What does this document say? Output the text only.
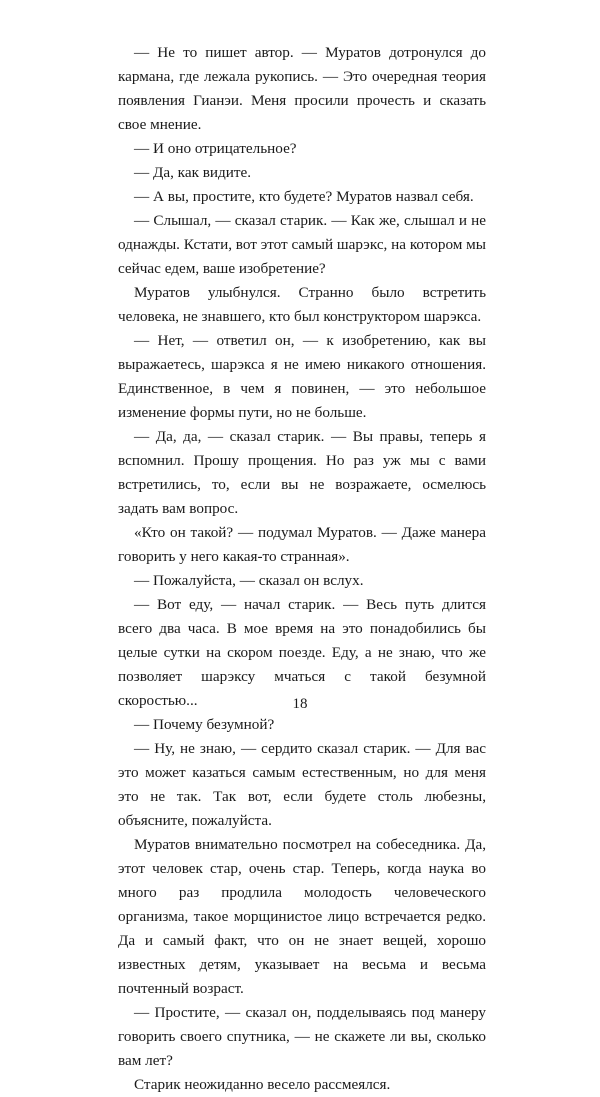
— Не то пишет автор. — Муратов дотронулся до кармана, где лежала рукопись. — Это очередная теория появления Гианэи. Меня просили прочесть и сказать свое мнение.

— И оно отрицательное?

— Да, как видите.

— А вы, простите, кто будете? Муратов назвал себя.

— Слышал, — сказал старик. — Как же, слышал и не однажды. Кстати, вот этот самый шарэкс, на котором мы сейчас едем, ваше изобретение?

Муратов улыбнулся. Странно было встретить человека, не знавшего, кто был конструктором шарэкса.

— Нет, — ответил он, — к изобретению, как вы выражаетесь, шарэкса я не имею никакого отношения. Единственное, в чем я повинен, — это небольшое изменение формы пути, но не больше.

— Да, да, — сказал старик. — Вы правы, теперь я вспомнил. Прошу прощения. Но раз уж мы с вами встретились, то, если вы не возражаете, осмелюсь задать вам вопрос.

«Кто он такой? — подумал Муратов. — Даже манера говорить у него какая-то странная».

— Пожалуйста, — сказал он вслух.

— Вот еду, — начал старик. — Весь путь длится всего два часа. В мое время на это понадобились бы целые сутки на скором поезде. Еду, а не знаю, что же позволяет шарэксу мчаться с такой безумной скоростью...

— Почему безумной?

— Ну, не знаю, — сердито сказал старик. — Для вас это может казаться самым естественным, но для меня это не так. Так вот, если будете столь любезны, объясните, пожалуйста.

Муратов внимательно посмотрел на собеседника. Да, этот человек стар, очень стар. Теперь, когда наука во много раз продлила молодость человеческого организма, такое морщинистое лицо встречается редко. Да и самый факт, что он не знает вещей, хорошо известных детям, указывает на весьма и весьма почтенный возраст.

— Простите, — сказал он, подделываясь под манеру говорить своего спутника, — не скажете ли вы, сколько вам лет?

Старик неожиданно весело рассмеялся.

18
